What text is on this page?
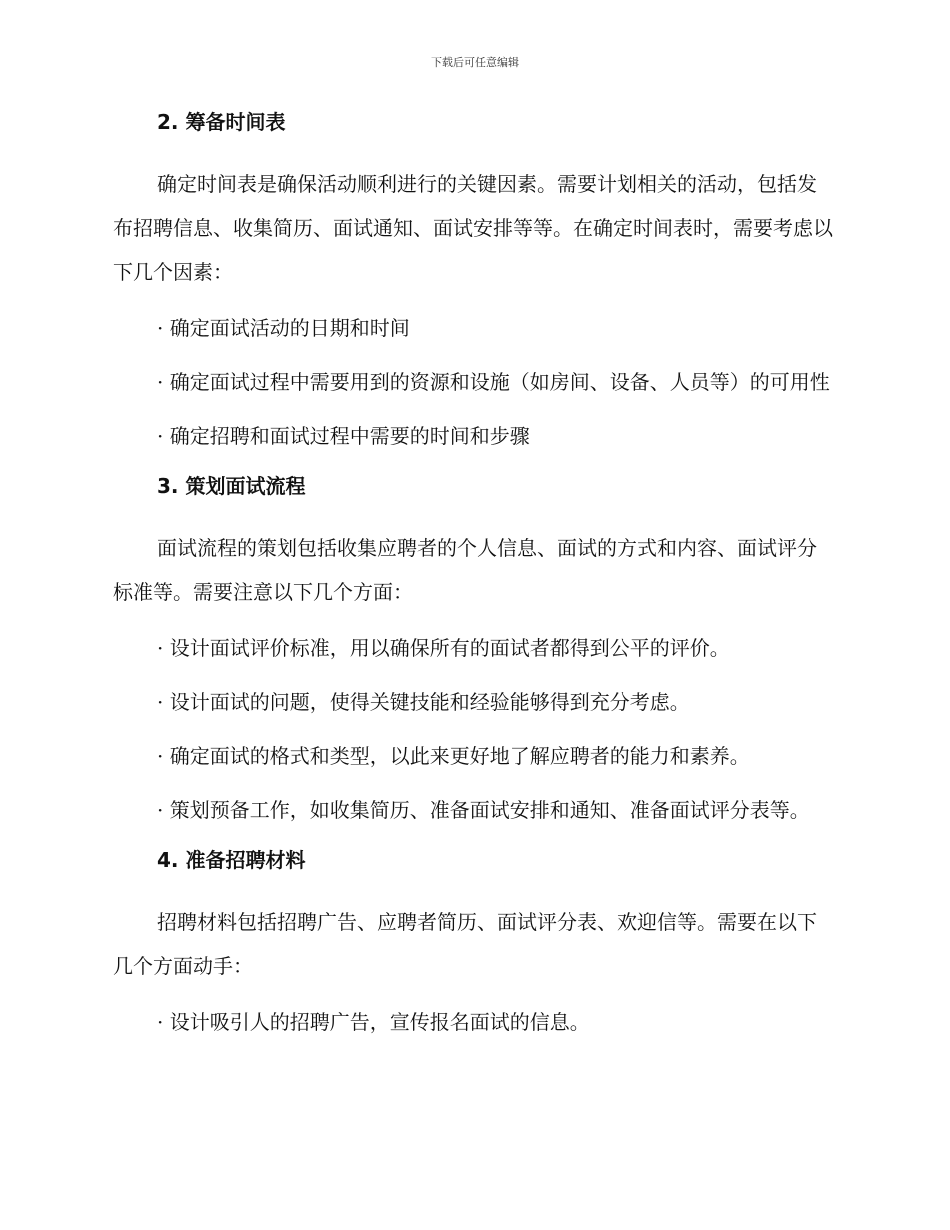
下载后可任意编辑
2. 筹备时间表

确定时间表是确保活动顺利进行的关键因素。需要计划相关的活动，包括发布招聘信息、收集简历、面试通知、面试安排等等。在确定时间表时，需要考虑以下几个因素：

· 确定面试活动的日期和时间

· 确定面试过程中需要用到的资源和设施（如房间、设备、人员等）的可用性

· 确定招聘和面试过程中需要的时间和步骤

3. 策划面试流程

面试流程的策划包括收集应聘者的个人信息、面试的方式和内容、面试评分标准等。需要注意以下几个方面：

· 设计面试评价标准，用以确保所有的面试者都得到公平的评价。

· 设计面试的问题，使得关键技能和经验能够得到充分考虑。

· 确定面试的格式和类型，以此来更好地了解应聘者的能力和素养。

· 策划预备工作，如收集简历、准备面试安排和通知、准备面试评分表等。

4. 准备招聘材料

招聘材料包括招聘广告、应聘者简历、面试评分表、欢迎信等。需要在以下几个方面动手：

· 设计吸引人的招聘广告，宣传报名面试的信息。
